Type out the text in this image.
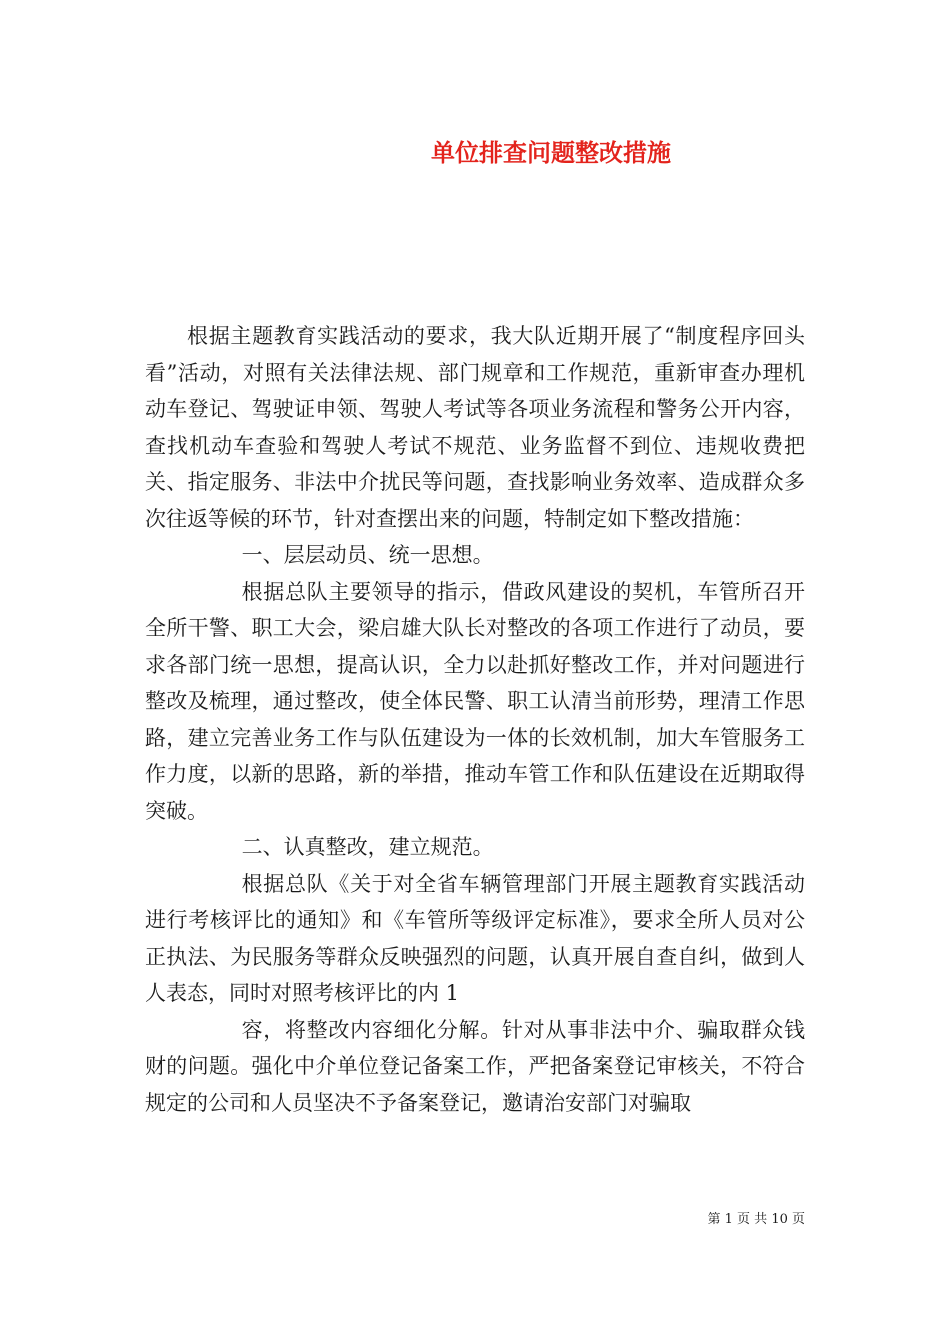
单位排查问题整改措施

根据主题教育实践活动的要求，我大队近期开展了“制度程序回头看”活动，对照有关法律法规、部门规章和工作规范，重新审查办理机动车登记、驾驶证申领、驾驶人考试等各项业务流程和警务公开内容，查找机动车查验和驾驶人考试不规范、业务监督不到位、违规收费把关、指定服务、非法中介扰民等问题，查找影响业务效率、造成群众多次往返等候的环节，针对查摆出来的问题，特制定如下整改措施：

一、层层动员、统一思想。

根据总队主要领导的指示，借政风建设的契机，车管所召开全所干警、职工大会，梁启雄大队长对整改的各项工作进行了动员，要求各部门统一思想，提高认识，全力以赴抓好整改工作，并对问题进行整改及梳理，通过整改，使全体民警、职工认清当前形势，理清工作思路，建立完善业务工作与队伍建设为一体的长效机制，加大车管服务工作力度，以新的思路，新的举措，推动车管工作和队伍建设在近期取得突破。

二、认真整改，建立规范。

根据总队《关于对全省车辆管理部门开展主题教育实践活动进行考核评比的通知》和《车管所等级评定标准》，要求全所人员对公正执法、为民服务等群众反映强烈的问题，认真开展自查自纠，做到人人表态，同时对照考核评比的内 1

容，将整改内容细化分解。针对从事非法中介、骗取群众钱财的问题。强化中介单位登记备案工作，严把备案登记审核关，不符合规定的公司和人员坚决不予备案登记，邀请治安部门对骗取

第 1 页 共 10 页
